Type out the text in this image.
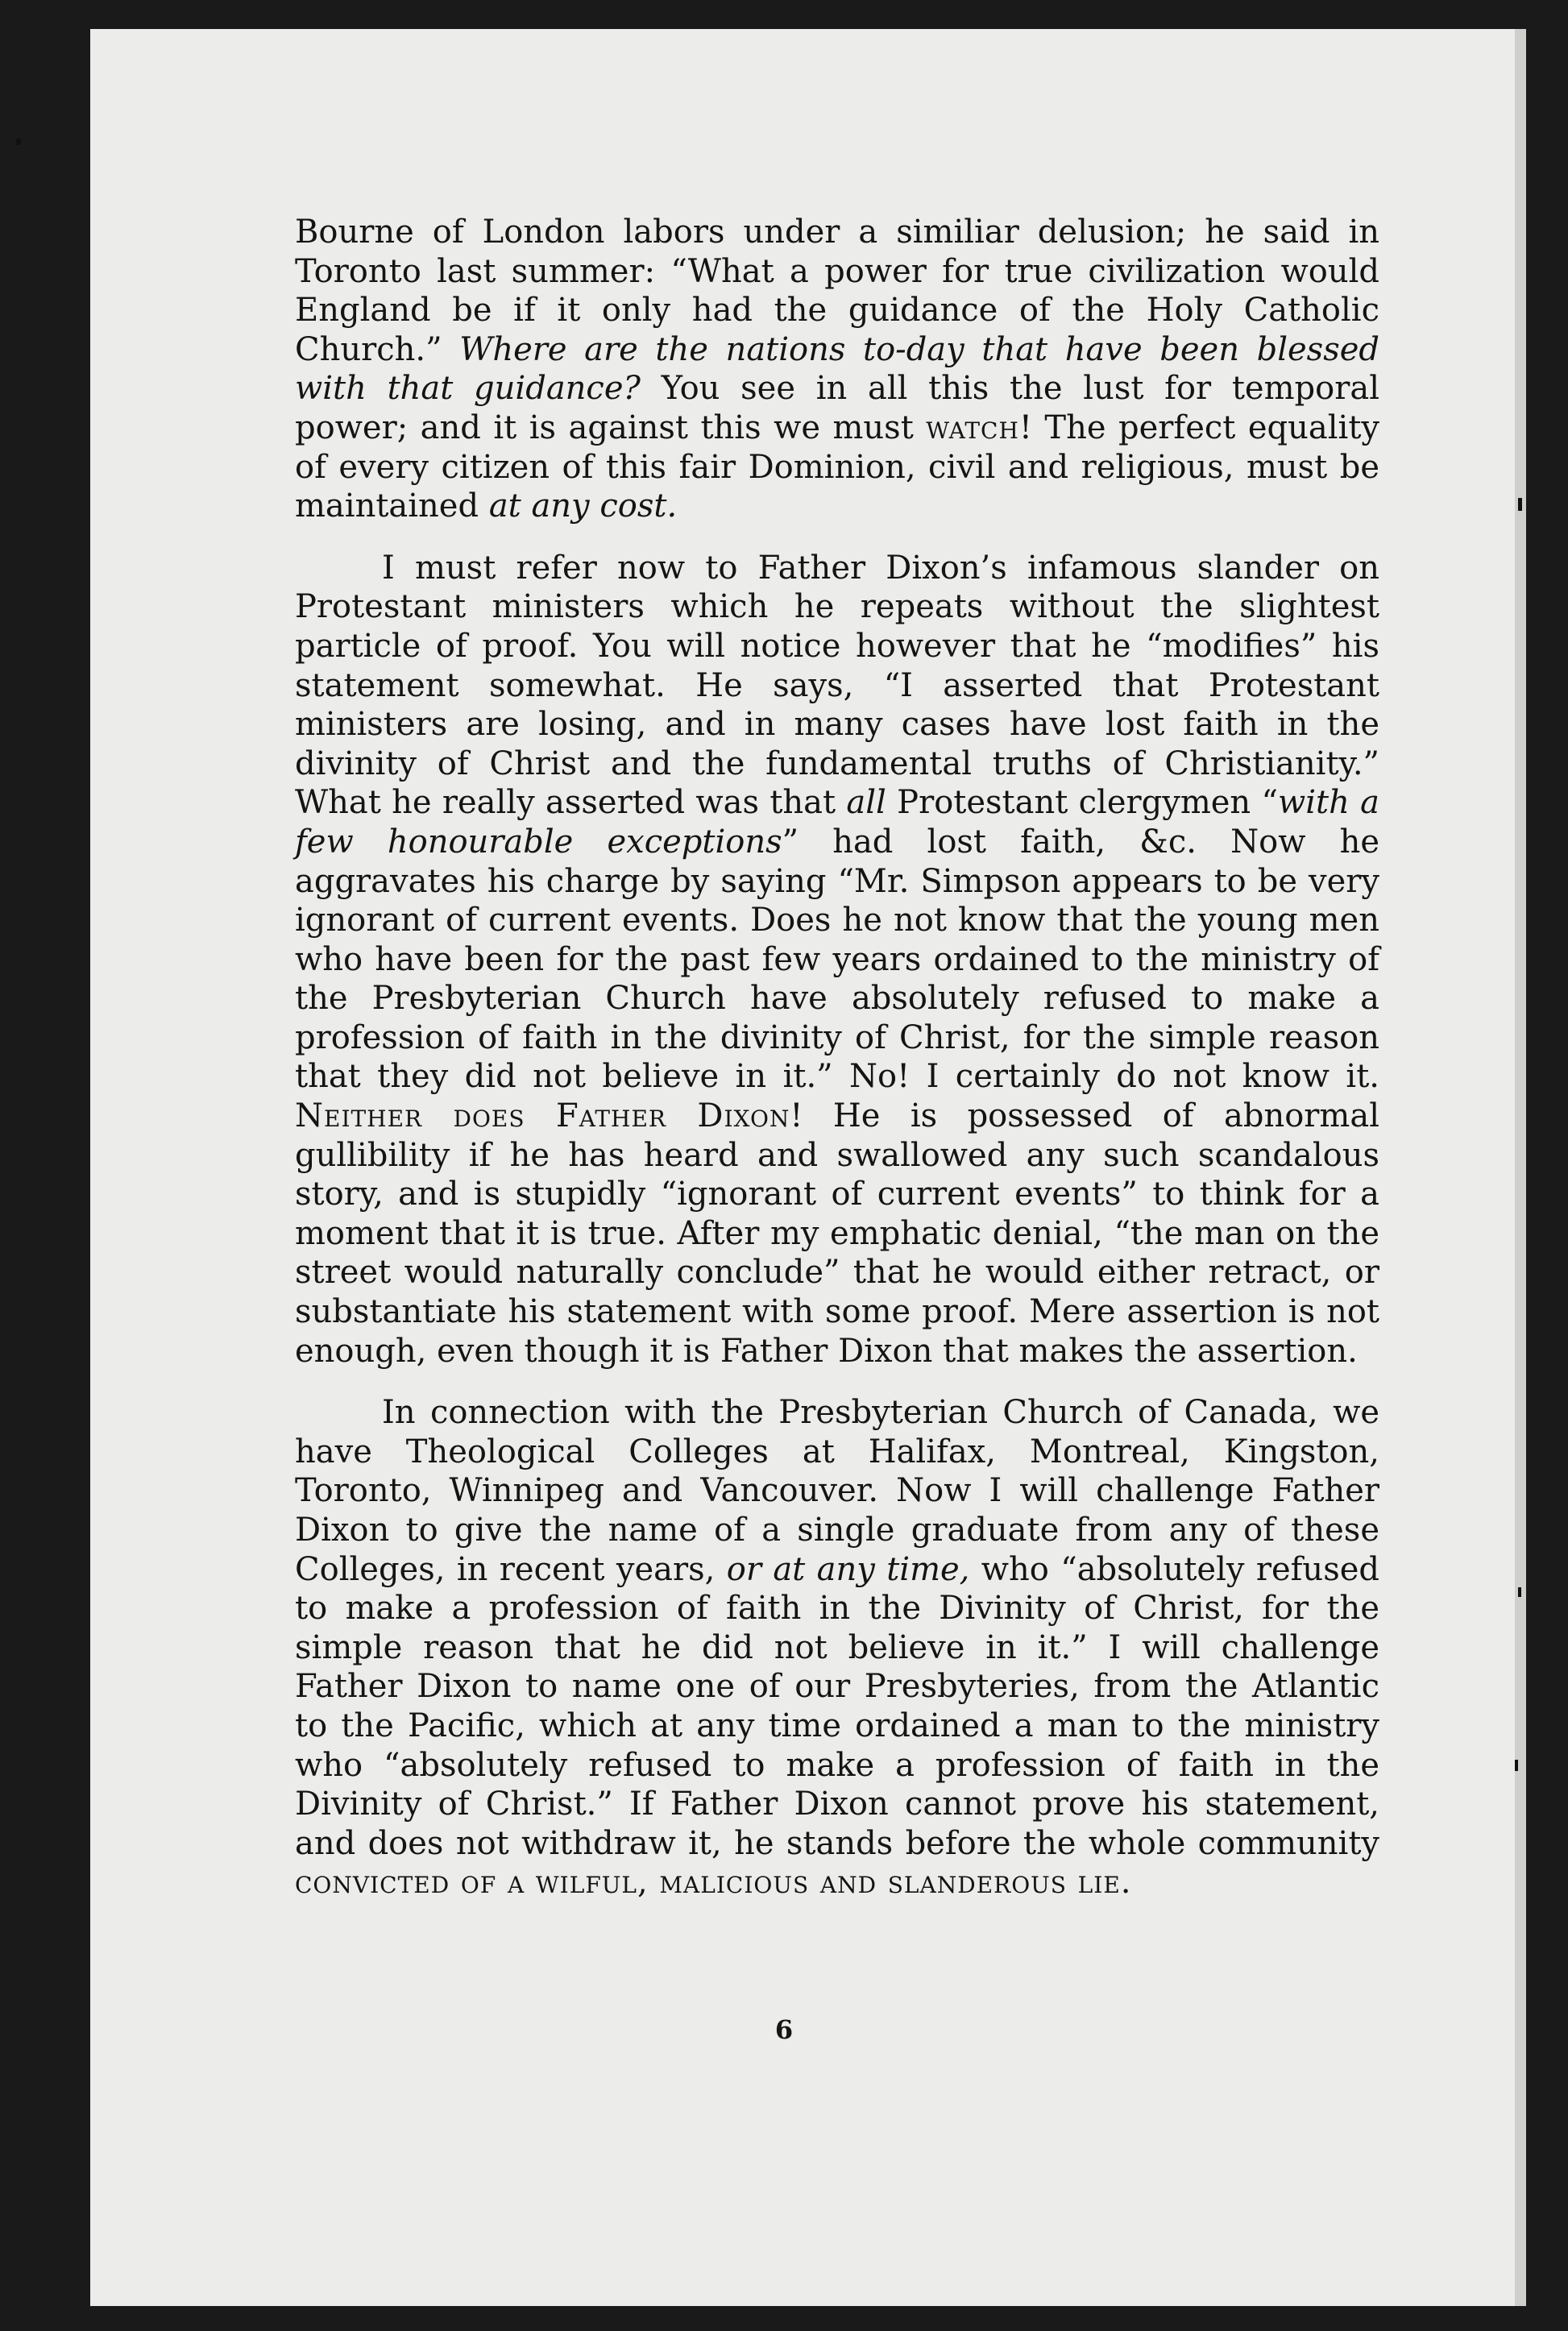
Bourne of London labors under a similiar delusion; he said in Toronto last summer: “What a power for true civilization would England be if it only had the guidance of the Holy Catholic Church.” Where are the nations to-day that have been blessed with that guidance? You see in all this the lust for temporal power; and it is against this we must watch! The perfect equality of every citizen of this fair Dominion, civil and religious, must be maintained at any cost.

I must refer now to Father Dixon’s infamous slander on Protestant ministers which he repeats without the slightest particle of proof. You will notice however that he “modifies” his statement somewhat. He says, “I asserted that Protestant ministers are losing, and in many cases have lost faith in the divinity of Christ and the fundamental truths of Christianity.” What he really asserted was that all Protestant clergymen “with a few honourable exceptions” had lost faith, &c. Now he aggravates his charge by saying “Mr. Simpson appears to be very ignorant of current events. Does he not know that the young men who have been for the past few years ordained to the ministry of the Presbyterian Church have absolutely refused to make a profession of faith in the divinity of Christ, for the simple reason that they did not believe in it.” No! I certainly do not know it. Neither does Father Dixon! He is possessed of abnormal gullibility if he has heard and swallowed any such scandalous story, and is stupidly “ignorant of current events” to think for a moment that it is true. After my emphatic denial, “the man on the street would naturally conclude” that he would either retract, or substantiate his statement with some proof. Mere assertion is not enough, even though it is Father Dixon that makes the assertion.

In connection with the Presbyterian Church of Canada, we have Theological Colleges at Halifax, Montreal, Kingston, Toronto, Winnipeg and Vancouver. Now I will challenge Father Dixon to give the name of a single graduate from any of these Colleges, in recent years, or at any time, who “absolutely refused to make a profession of faith in the Divinity of Christ, for the simple reason that he did not believe in it.” I will challenge Father Dixon to name one of our Presbyteries, from the Atlantic to the Pacific, which at any time ordained a man to the ministry who “absolutely refused to make a profession of faith in the Divinity of Christ.” If Father Dixon cannot prove his statement, and does not withdraw it, he stands before the whole community convicted of a wilful, malicious and slanderous lie.

6
